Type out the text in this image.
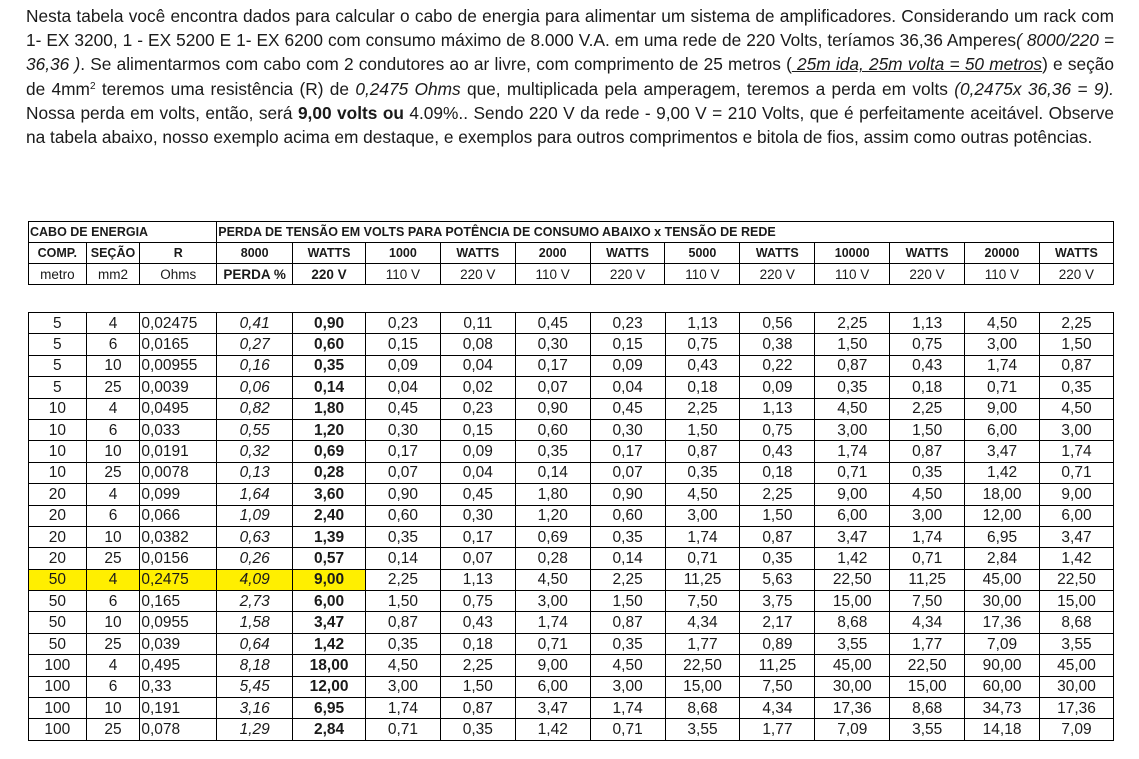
Nesta tabela você encontra dados para calcular o cabo de energia para alimentar um sistema de amplificadores. Considerando um rack com 1- EX 3200, 1 - EX 5200 E 1- EX 6200 com consumo máximo de 8.000 V.A. em uma rede de 220 Volts, teríamos 36,36 Amperes( 8000/220 = 36,36 ). Se alimentarmos com cabo com 2 condutores ao ar livre, com comprimento de 25 metros ( 25m ida, 25m volta = 50 metros) e seção de $4mm^2$ teremos uma resistência (R) de 0,2475 Ohms que, multiplicada pela amperagem, teremos a perda em volts (0,2475x 36,36 = 9). Nossa perda em volts, então, será 9,00 volts ou 4.09%.. Sendo 220 V da rede - 9,00 V = 210 Volts, que é perfeitamente aceitável. Observe na tabela abaixo, nosso exemplo acima em destaque, e exemplos para outros comprimentos e bitola de fios, assim como outras potências.

CABO DE ENERGIA			PERDA DE TENSÃO EM VOLTS PARA POTÊNCIA DE CONSUMO ABAIXO x TENSÃO DE REDE											
COMP.	SEÇÃO	R	8000	WATTS	1000	WATTS	2000	WATTS	5000	WATTS	10000	WATTS	20000	WATTS
metro	mm2	Ohms	PERDA %	220 V	110 V	220 V	110 V	220 V	110 V	220 V	110 V	220 V	110 V	220 V
5	4	0,02475	0,41	0,90	0,23	0,11	0,45	0,23	1,13	0,56	2,25	1,13	4,50	2,25
5	6	0,0165	0,27	0,60	0,15	0,08	0,30	0,15	0,75	0,38	1,50	0,75	3,00	1,50
5	10	0,00955	0,16	0,35	0,09	0,04	0,17	0,09	0,43	0,22	0,87	0,43	1,74	0,87
5	25	0,0039	0,06	0,14	0,04	0,02	0,07	0,04	0,18	0,09	0,35	0,18	0,71	0,35
10	4	0,0495	0,82	1,80	0,45	0,23	0,90	0,45	2,25	1,13	4,50	2,25	9,00	4,50
10	6	0,033	0,55	1,20	0,30	0,15	0,60	0,30	1,50	0,75	3,00	1,50	6,00	3,00
10	10	0,0191	0,32	0,69	0,17	0,09	0,35	0,17	0,87	0,43	1,74	0,87	3,47	1,74
10	25	0,0078	0,13	0,28	0,07	0,04	0,14	0,07	0,35	0,18	0,71	0,35	1,42	0,71
20	4	0,099	1,64	3,60	0,90	0,45	1,80	0,90	4,50	2,25	9,00	4,50	18,00	9,00
20	6	0,066	1,09	2,40	0,60	0,30	1,20	0,60	3,00	1,50	6,00	3,00	12,00	6,00
20	10	0,0382	0,63	1,39	0,35	0,17	0,69	0,35	1,74	0,87	3,47	1,74	6,95	3,47
20	25	0,0156	0,26	0,57	0,14	0,07	0,28	0,14	0,71	0,35	1,42	0,71	2,84	1,42
50	4	0,2475	4,09	9,00	2,25	1,13	4,50	2,25	11,25	5,63	22,50	11,25	45,00	22,50
50	6	0,165	2,73	6,00	1,50	0,75	3,00	1,50	7,50	3,75	15,00	7,50	30,00	15,00
50	10	0,0955	1,58	3,47	0,87	0,43	1,74	0,87	4,34	2,17	8,68	4,34	17,36	8,68
50	25	0,039	0,64	1,42	0,35	0,18	0,71	0,35	1,77	0,89	3,55	1,77	7,09	3,55
100	4	0,495	8,18	18,00	4,50	2,25	9,00	4,50	22,50	11,25	45,00	22,50	90,00	45,00
100	6	0,33	5,45	12,00	3,00	1,50	6,00	3,00	15,00	7,50	30,00	15,00	60,00	30,00
100	10	0,191	3,16	6,95	1,74	0,87	3,47	1,74	8,68	4,34	17,36	8,68	34,73	17,36
100	25	0,078	1,29	2,84	0,71	0,35	1,42	0,71	3,55	1,77	7,09	3,55	14,18	7,09
